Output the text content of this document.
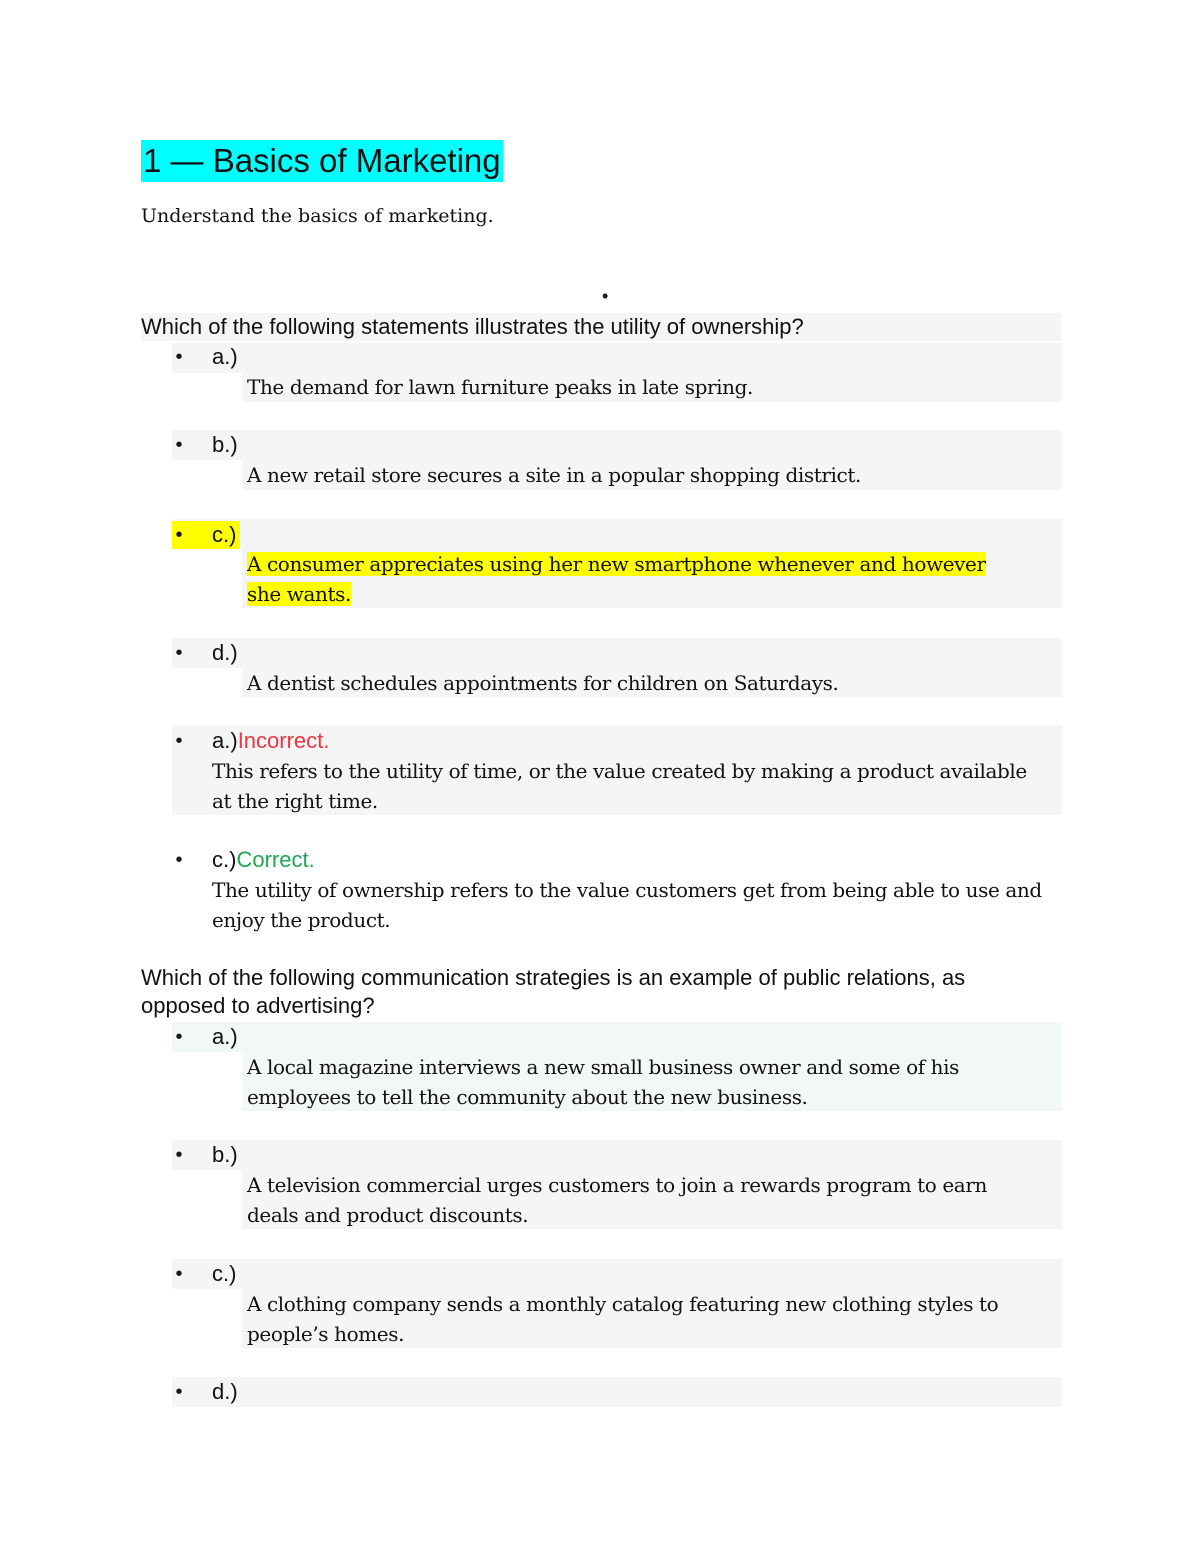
1 — Basics of Marketing
Understand the basics of marketing.
•
Which of the following statements illustrates the utility of ownership?
• a.)
The demand for lawn furniture peaks in late spring.
• b.)
A new retail store secures a site in a popular shopping district.
• c.)
A consumer appreciates using her new smartphone whenever and however she wants.
• d.)
A dentist schedules appointments for children on Saturdays.
• a.)Incorrect.
This refers to the utility of time, or the value created by making a product available at the right time.
• c.)Correct.
The utility of ownership refers to the value customers get from being able to use and enjoy the product.
Which of the following communication strategies is an example of public relations, as opposed to advertising?
• a.)
A local magazine interviews a new small business owner and some of his employees to tell the community about the new business.
• b.)
A television commercial urges customers to join a rewards program to earn deals and product discounts.
• c.)
A clothing company sends a monthly catalog featuring new clothing styles to people’s homes.
• d.)
